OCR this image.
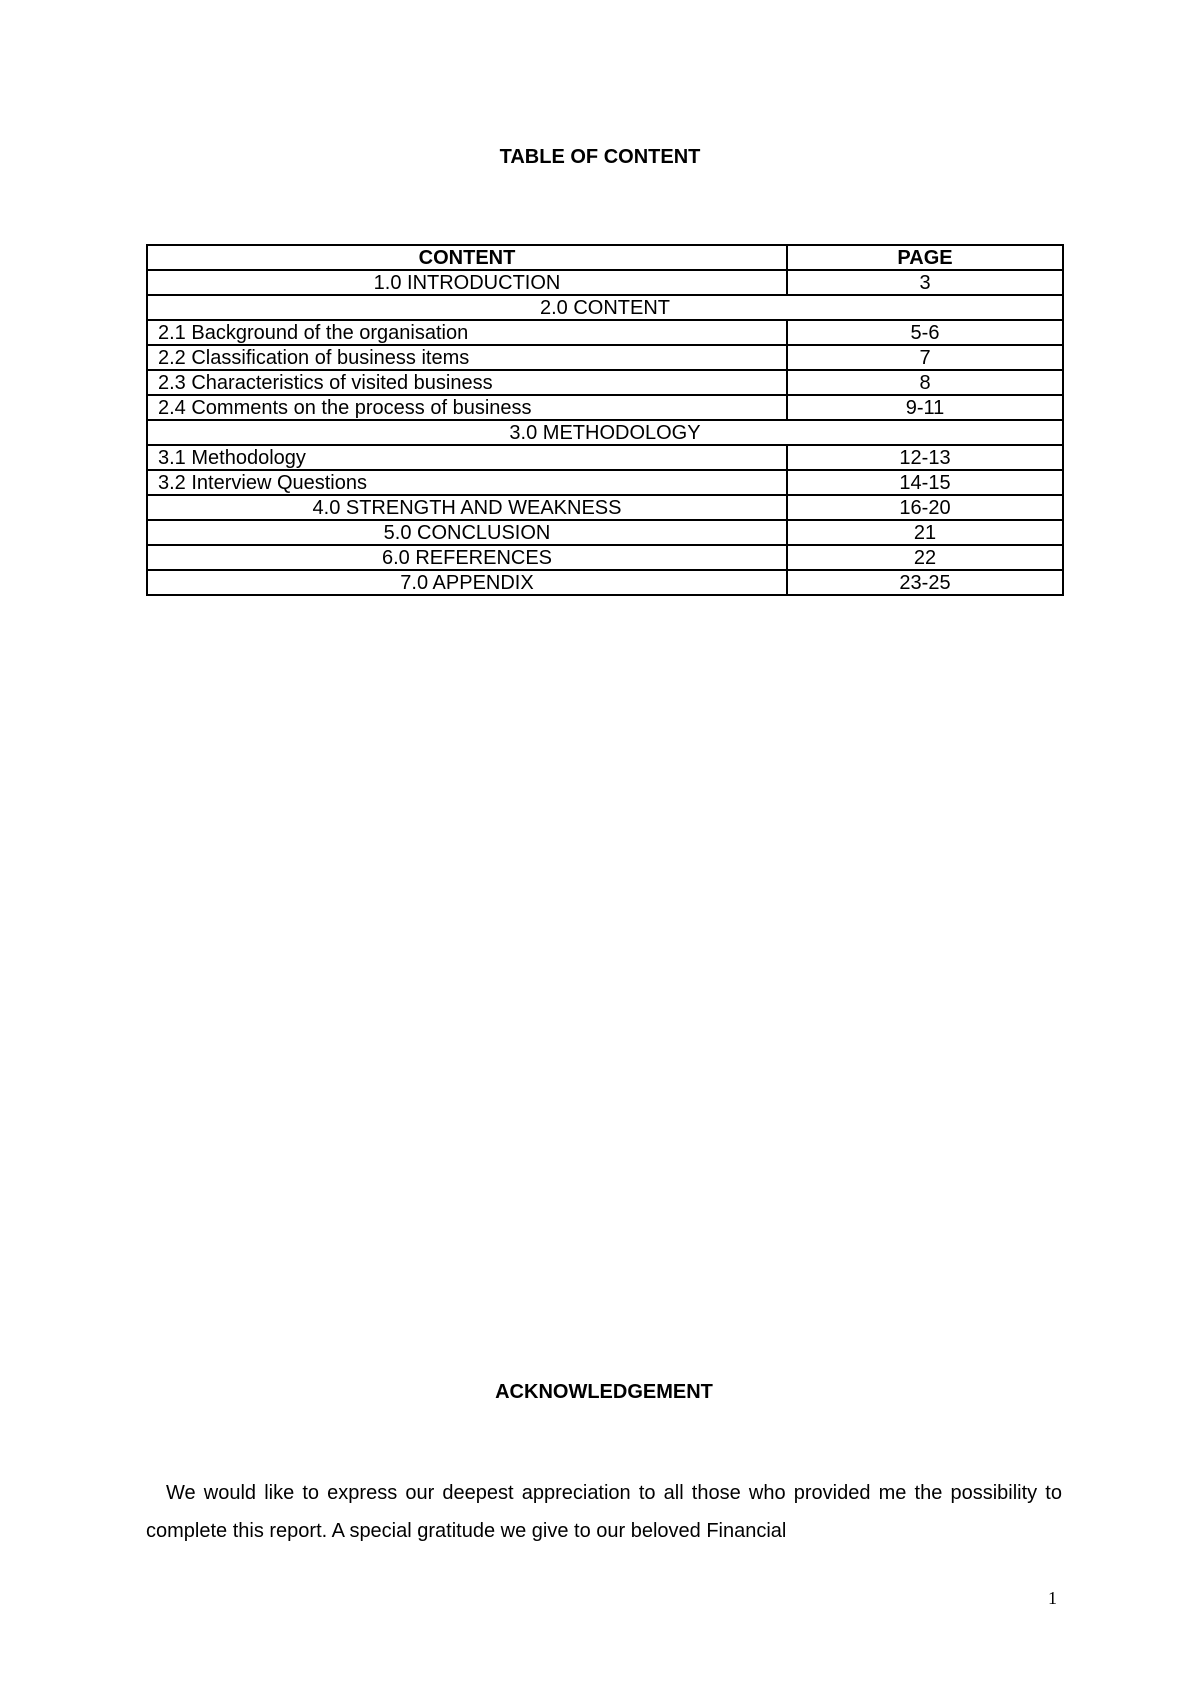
TABLE OF CONTENT
CONTENT	PAGE
1.0 INTRODUCTION	3
2.0 CONTENT	
2.1 Background of the organisation	5-6
2.2 Classification of business items	7
2.3 Characteristics of visited business	8
2.4 Comments on the process of business	9-11
3.0 METHODOLOGY	
3.1 Methodology	12-13
3.2 Interview Questions	14-15
4.0 STRENGTH AND WEAKNESS	16-20
5.0 CONCLUSION	21
6.0 REFERENCES	22
7.0 APPENDIX	23-25
ACKNOWLEDGEMENT

We would like to express our deepest appreciation to all those who provided me the possibility to complete this report. A special gratitude we give to our beloved Financial

1
